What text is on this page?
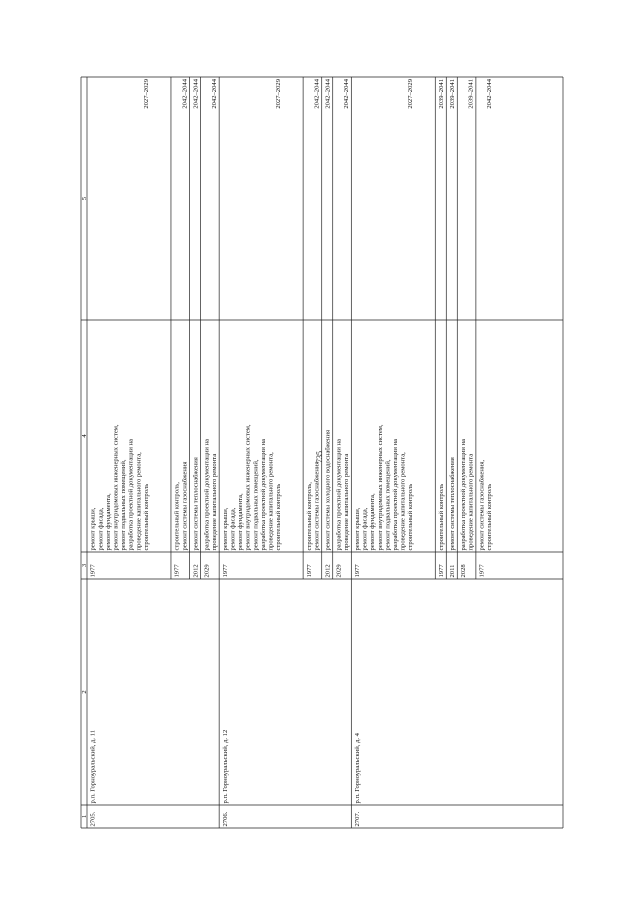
735
1
2
3
4
5
2705.
р.п. Горноуральский, д. 11
1977
ремонт крыши, ремонт фасада, ремонт фундамента, ремонт внутридомовых инженерных систем, ремонт подвальных помещений, разработка проектной документации на проведение капитального ремонта, строительный контроль
2027–2029
1977
строительный контроль, ремонт системы газоснабжения
2042–2044
2012
ремонт системы теплоснабжения
2042–2044
2029
разработка проектной документации на проведение капитального ремонта
2042–2044
2706.
р.п. Горноуральский, д. 12
1977
ремонт крыши, ремонт фасада, ремонт фундамента, ремонт внутридомовых инженерных систем, ремонт подвальных помещений, разработка проектной документации на проведение капитального ремонта, строительный контроль
2027–2029
1977
строительный контроль, ремонт системы газоснабжения
2042–2044
2012
ремонт системы холодного водоснабжения
2042–2044
2029
разработка проектной документации на проведение капитального ремонта
2042–2044
2707.
р.п. Горноуральский, д. 4
1977
ремонт крыши, ремонт фасада, ремонт фундамента, ремонт внутридомовых инженерных систем, ремонт подвальных помещений, разработка проектной документации на проведение капитального ремонта, строительный контроль
2027–2029
1977
строительный контроль
2039–2041
2011
ремонт системы теплоснабжения
2039–2041
2028
разработка проектной документации на проведение капитального ремонта
2039–2041
1977
ремонт системы газоснабжения, строительный контроль
2042–2044
